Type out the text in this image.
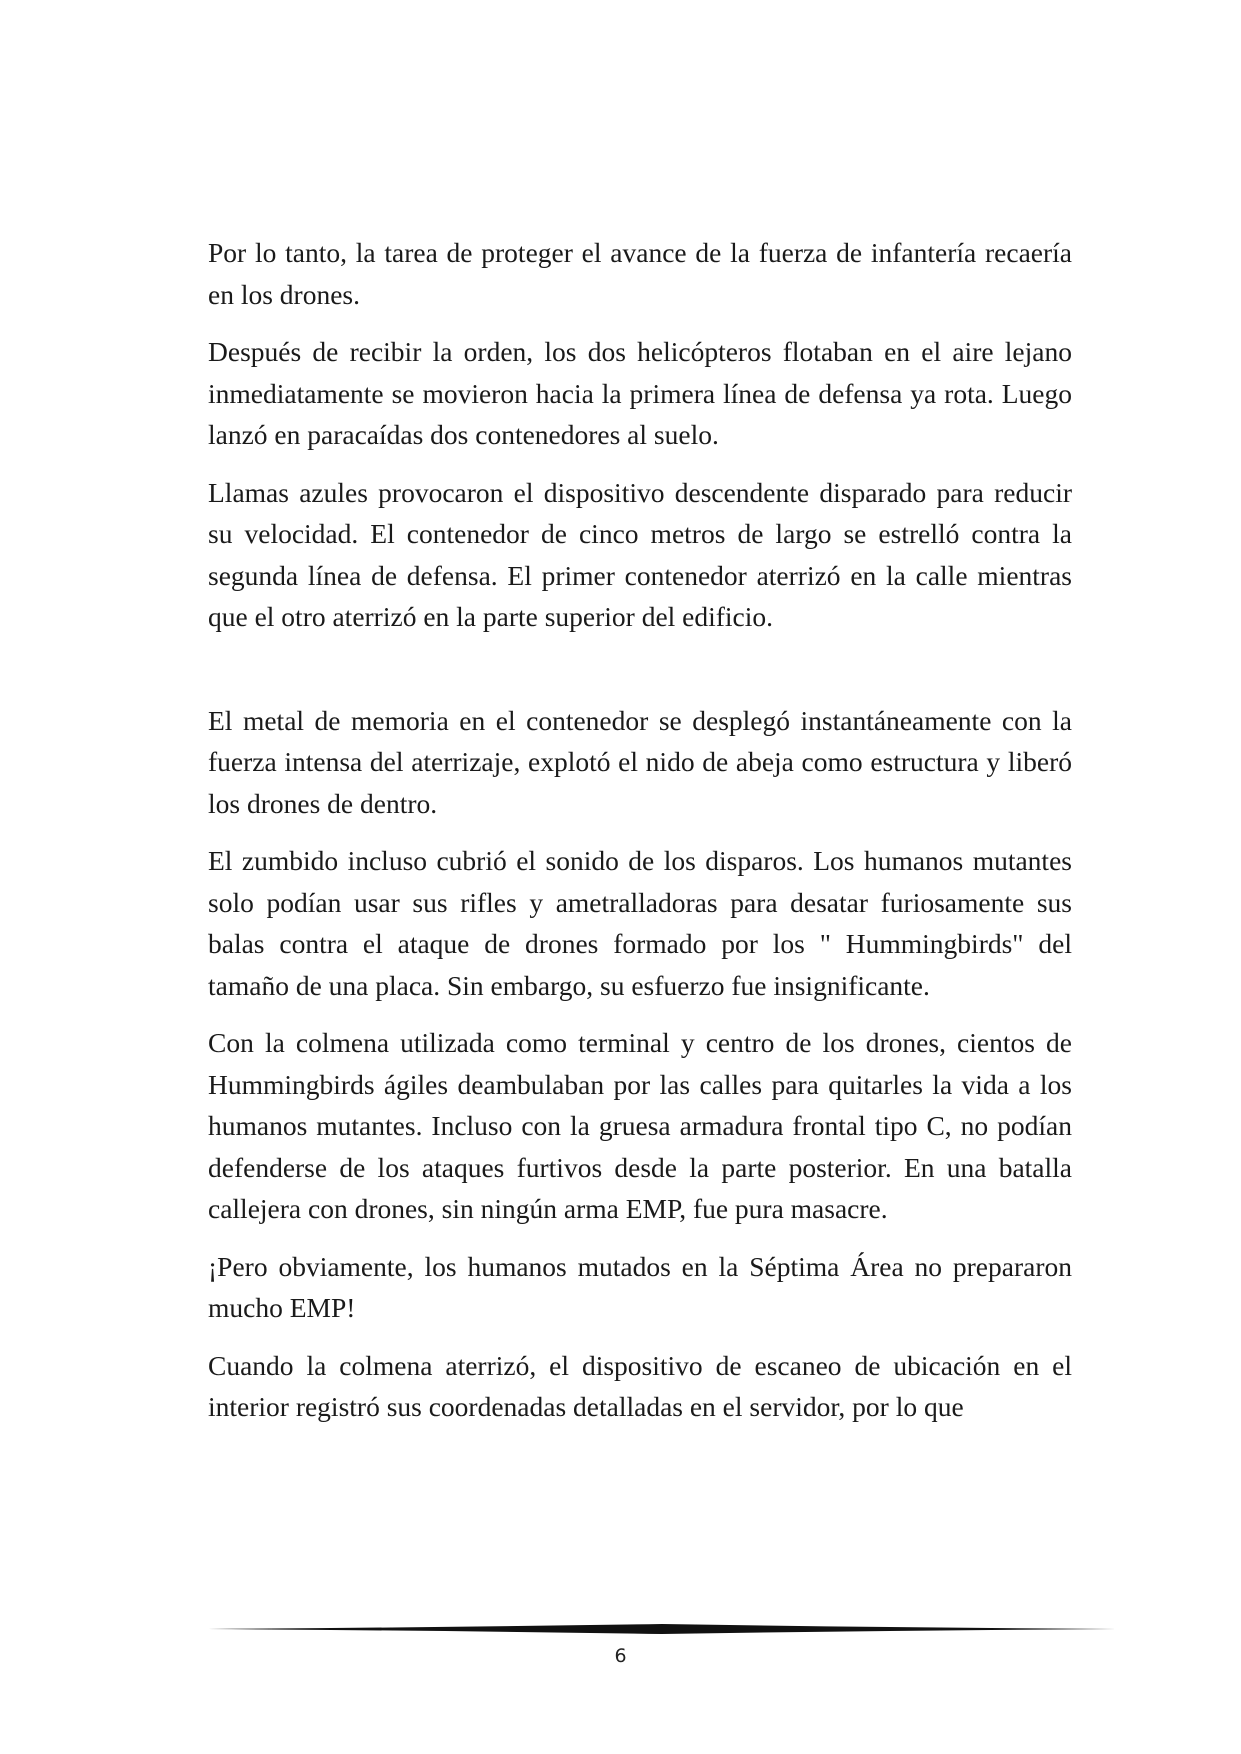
Por lo tanto, la tarea de proteger el avance de la fuerza de infantería recaería en los drones.

Después de recibir la orden, los dos helicópteros flotaban en el aire lejano inmediatamente se movieron hacia la primera línea de defensa ya rota. Luego lanzó en paracaídas dos contenedores al suelo.

Llamas azules provocaron el dispositivo descendente disparado para reducir su velocidad. El contenedor de cinco metros de largo se estrelló contra la segunda línea de defensa. El primer contenedor aterrizó en la calle mientras que el otro aterrizó en la parte superior del edificio.

El metal de memoria en el contenedor se desplegó instantáneamente con la fuerza intensa del aterrizaje, explotó el nido de abeja como estructura y liberó los drones de dentro.

El zumbido incluso cubrió el sonido de los disparos. Los humanos mutantes solo podían usar sus rifles y ametralladoras para desatar furiosamente sus balas contra el ataque de drones formado por los " Hummingbirds" del tamaño de una placa. Sin embargo, su esfuerzo fue insignificante.

Con la colmena utilizada como terminal y centro de los drones, cientos de Hummingbirds ágiles deambulaban por las calles para quitarles la vida a los humanos mutantes. Incluso con la gruesa armadura frontal tipo C, no podían defenderse de los ataques furtivos desde la parte posterior. En una batalla callejera con drones, sin ningún arma EMP, fue pura masacre.

¡Pero obviamente, los humanos mutados en la Séptima Área no prepararon mucho EMP!

Cuando la colmena aterrizó, el dispositivo de escaneo de ubicación en el interior registró sus coordenadas detalladas en el servidor, por lo que

6
